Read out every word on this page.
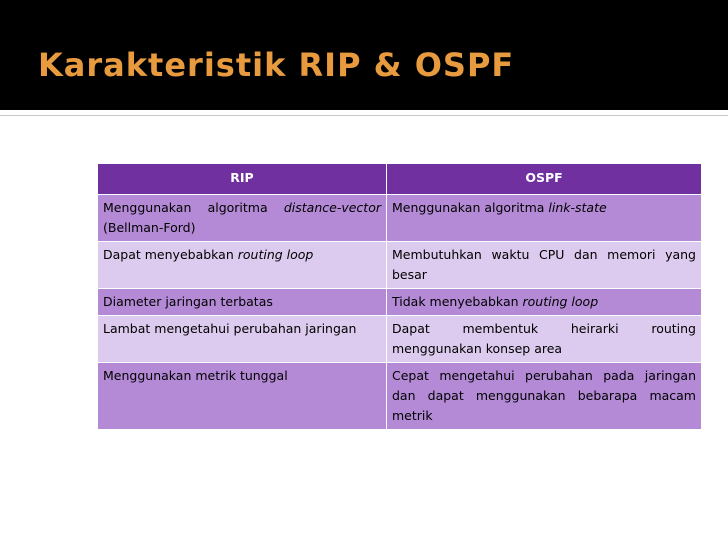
Karakteristik RIP & OSPF
RIP	OSPF

Menggunakan algoritma distance-vector (Bellman-Ford)	Menggunakan algoritma link-state

Dapat menyebabkan routing loop	Membutuhkan waktu CPU dan memori yang besar

Diameter jaringan terbatas	Tidak menyebabkan routing loop

Lambat mengetahui perubahan jaringan	Dapat membentuk heirarki routing menggunakan konsep area

Menggunakan metrik tunggal	Cepat mengetahui perubahan pada jaringan dan dapat menggunakan bebarapa macam metrik
